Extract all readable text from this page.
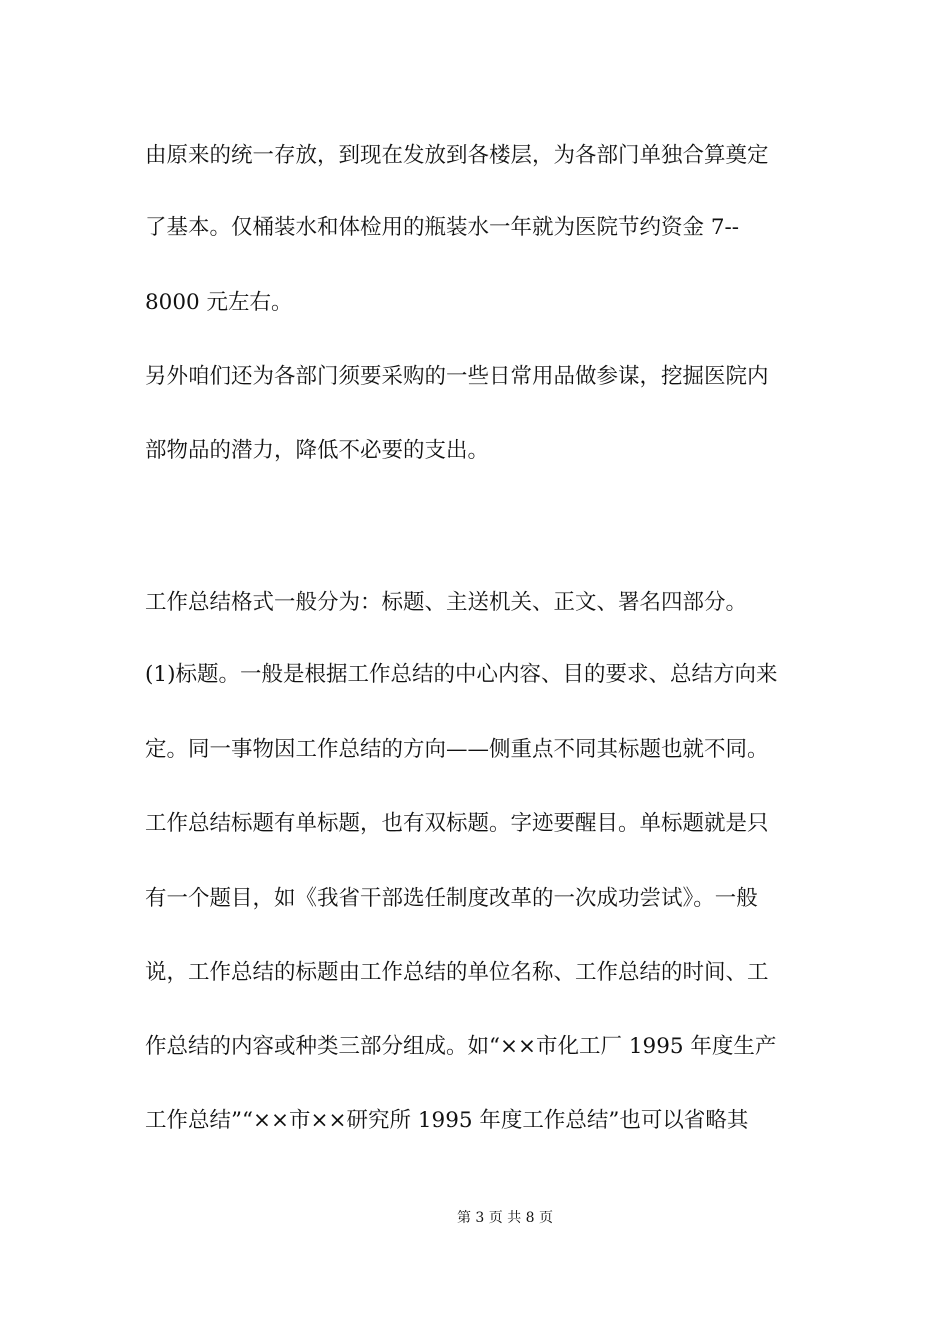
由原来的统一存放，到现在发放到各楼层，为各部门单独合算奠定
了基本。仅桶装水和体检用的瓶装水一年就为医院节约资金 7--
8000 元左右。
另外咱们还为各部门须要采购的一些日常用品做参谋，挖掘医院内
部物品的潜力，降低不必要的支出。
工作总结格式一般分为：标题、主送机关、正文、署名四部分。
(1)标题。一般是根据工作总结的中心内容、目的要求、总结方向来
定。同一事物因工作总结的方向——侧重点不同其标题也就不同。
工作总结标题有单标题，也有双标题。字迹要醒目。单标题就是只
有一个题目，如《我省干部选任制度改革的一次成功尝试》。一般
说，工作总结的标题由工作总结的单位名称、工作总结的时间、工
作总结的内容或种类三部分组成。如“××市化工厂 1995 年度生产
工作总结”“××市××研究所 1995 年度工作总结”也可以省略其
第 3 页 共 8 页
